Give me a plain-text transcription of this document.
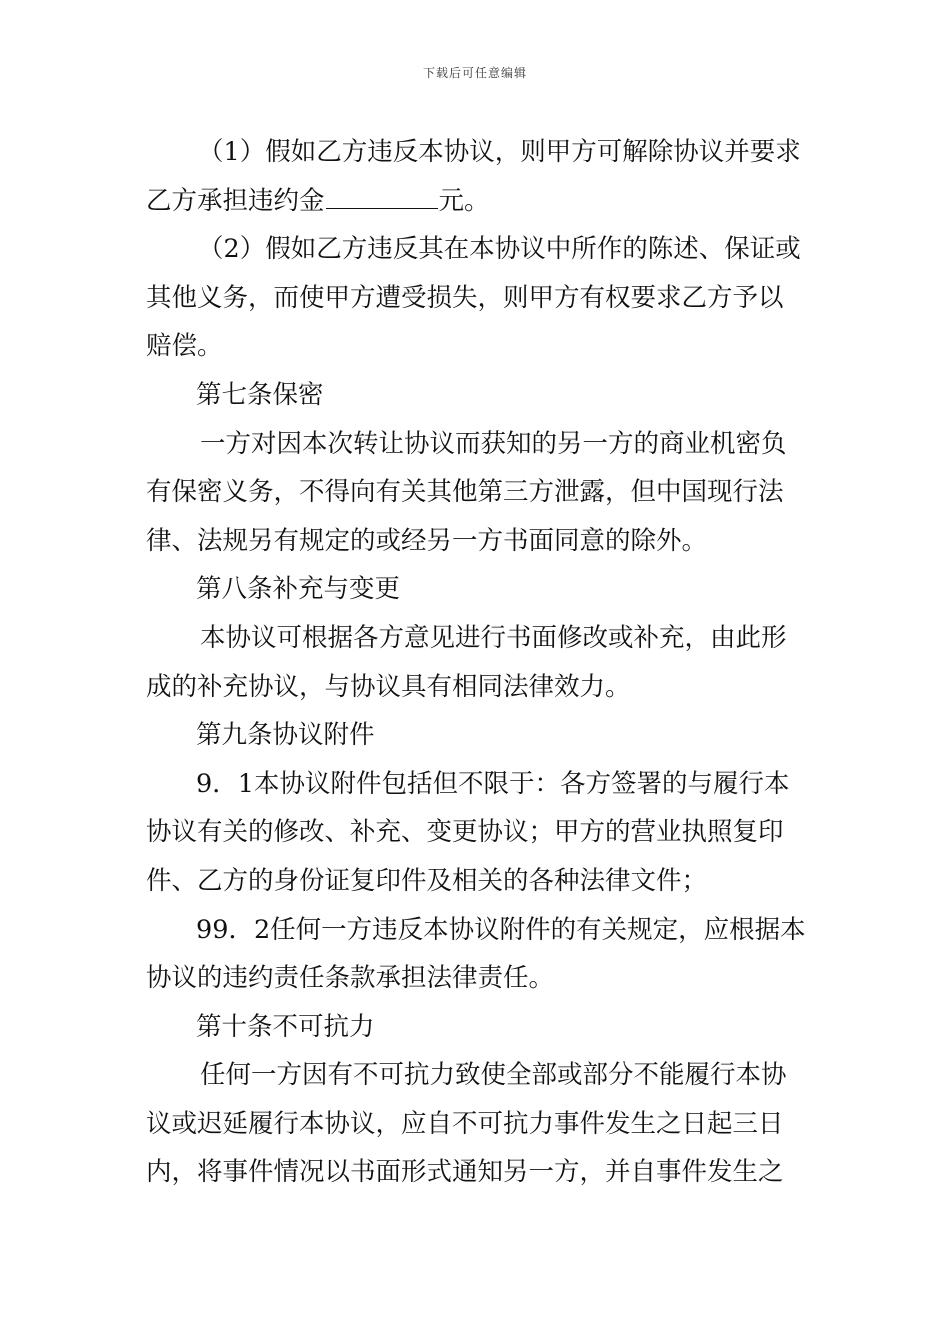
下载后可任意编辑
（1）假如乙方违反本协议，则甲方可解除协议并要求
乙方承担违约金	元。
（2）假如乙方违反其在本协议中所作的陈述、保证或
其他义务，而使甲方遭受损失，则甲方有权要求乙方予以
赔偿。
第七条保密
一方对因本次转让协议而获知的另一方的商业机密负
有保密义务，不得向有关其他第三方泄露，但中国现行法
律、法规另有规定的或经另一方书面同意的除外。
第八条补充与变更
本协议可根据各方意见进行书面修改或补充，由此形
成的补充协议，与协议具有相同法律效力。
第九条协议附件
9．1本协议附件包括但不限于：各方签署的与履行本
协议有关的修改、补充、变更协议；甲方的营业执照复印
件、乙方的身份证复印件及相关的各种法律文件；
99．2任何一方违反本协议附件的有关规定，应根据本
协议的违约责任条款承担法律责任。
第十条不可抗力
任何一方因有不可抗力致使全部或部分不能履行本协
议或迟延履行本协议，应自不可抗力事件发生之日起三日
内，将事件情况以书面形式通知另一方，并自事件发生之
